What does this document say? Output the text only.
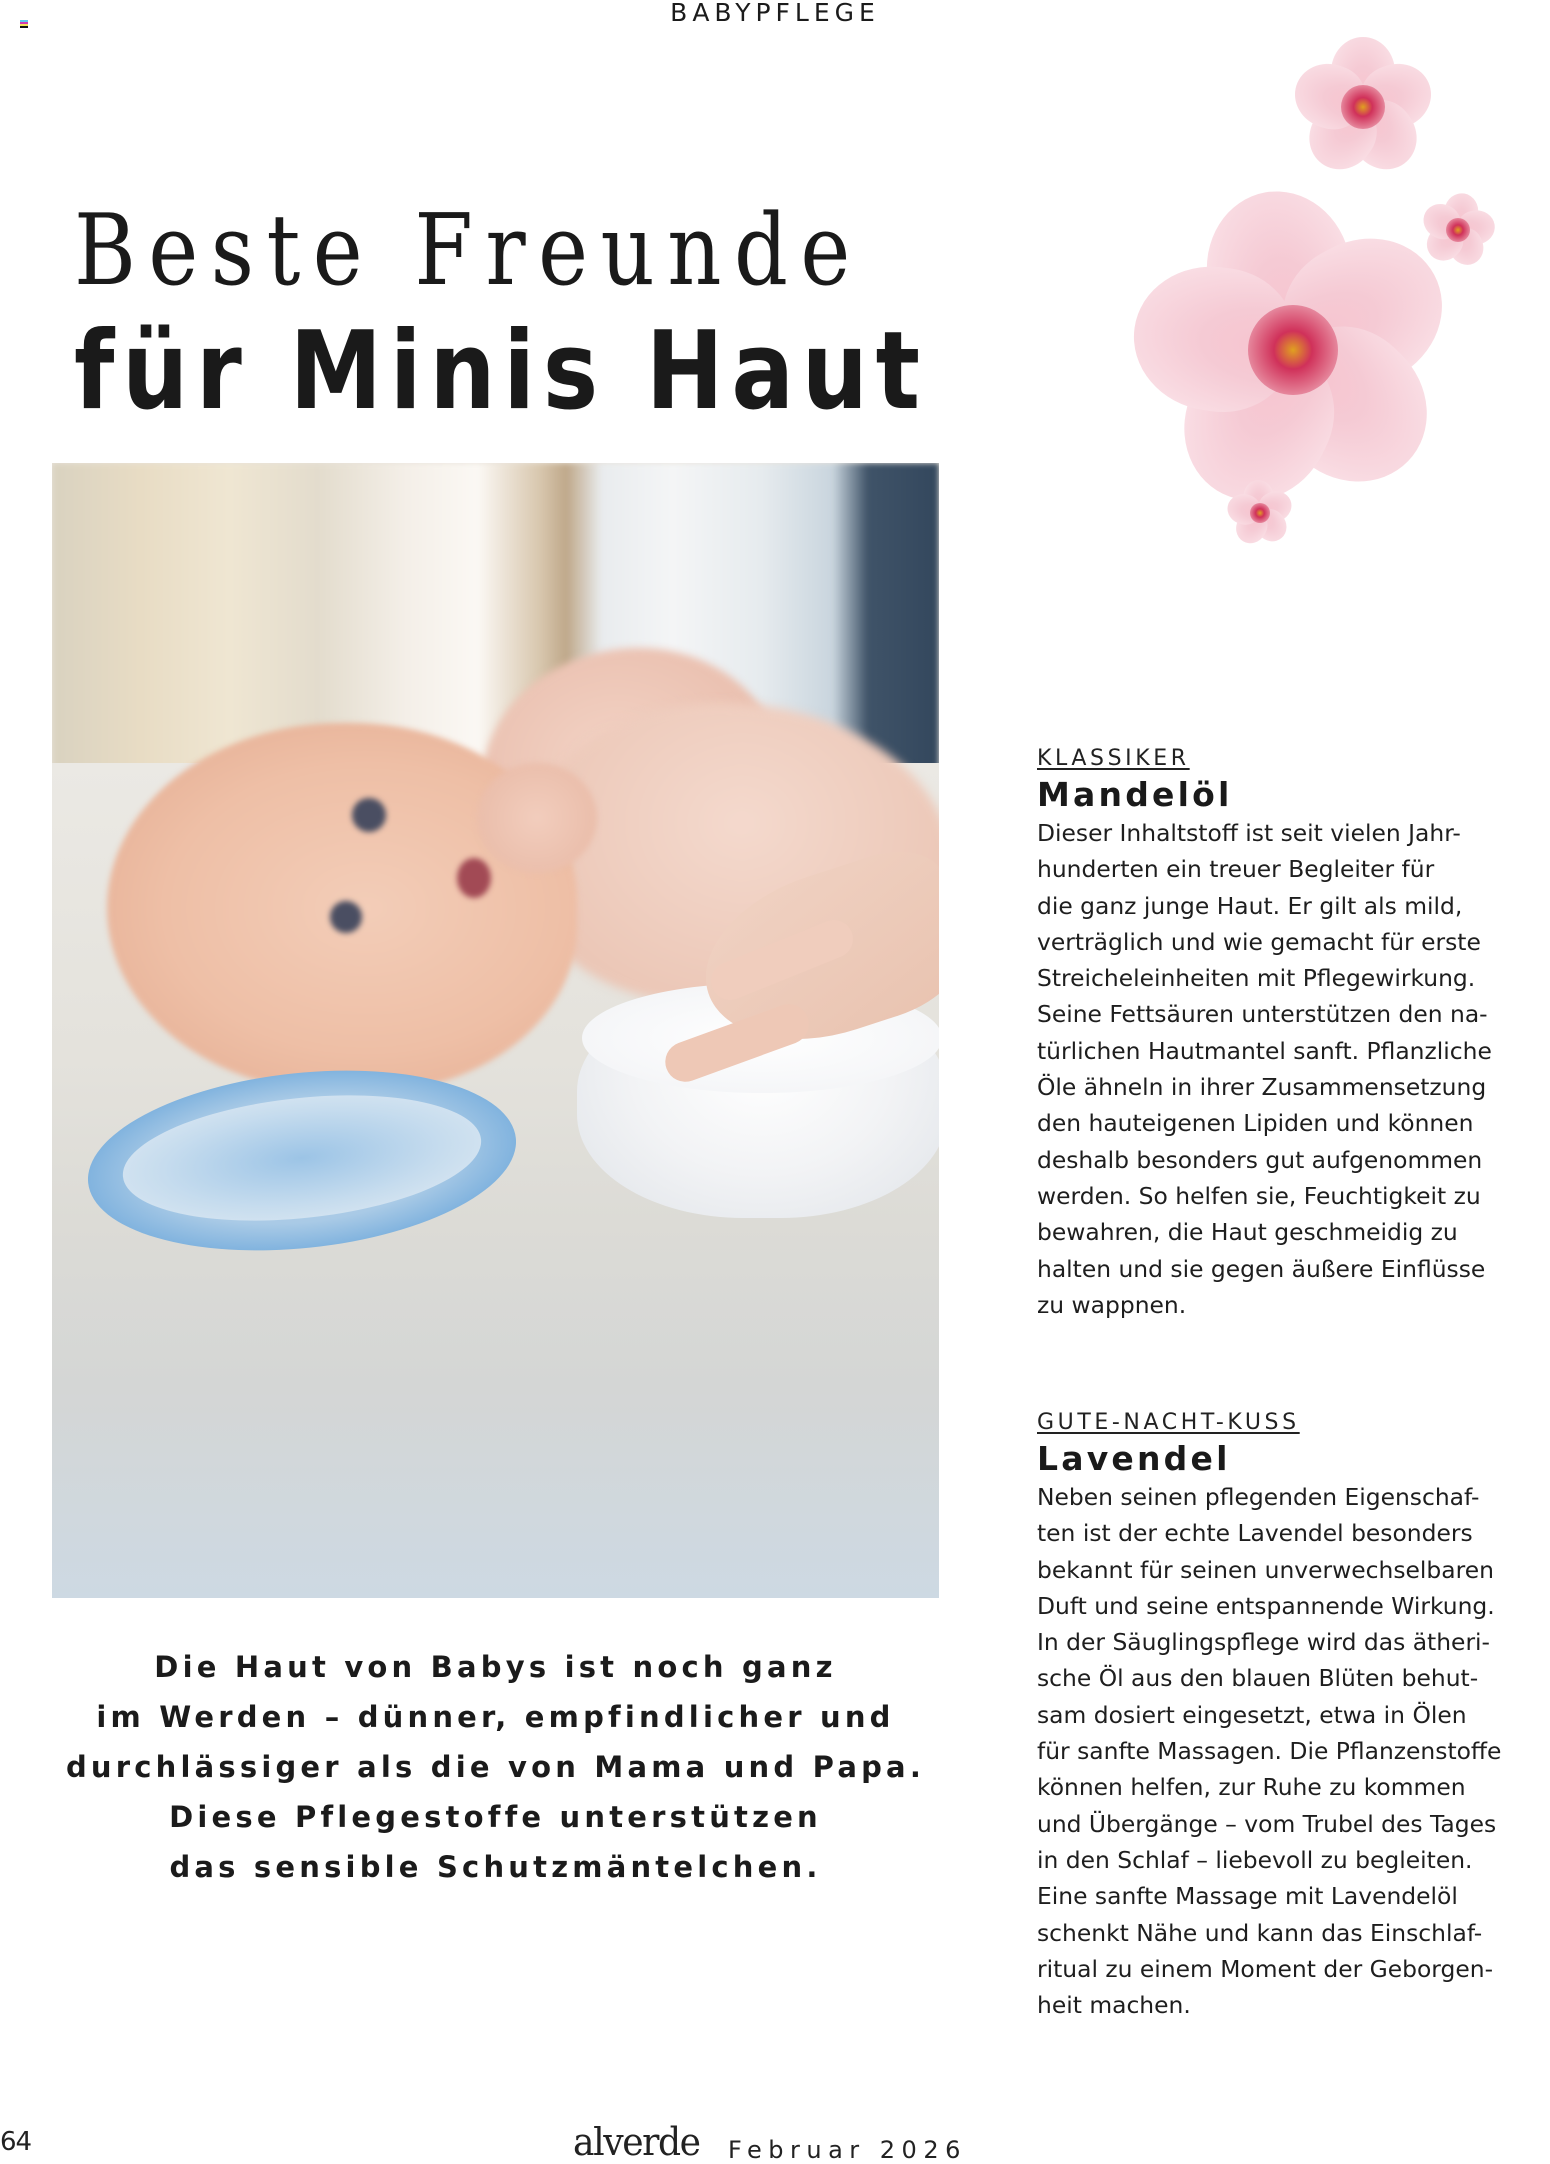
BABYPFLEGE
Beste Freunde
für Minis Haut
Die Haut von Babys ist noch ganz
im Werden – dünner, empfindlicher und
durchlässiger als die von Mama und Papa.
Diese Pflegestoffe unterstützen
das sensible Schutzmäntelchen.
KLASSIKER
Mandelöl
Dieser Inhaltstoff ist seit vielen Jahr-
hunderten ein treuer Begleiter für
die ganz junge Haut. Er gilt als mild,
verträglich und wie gemacht für erste
Streicheleinheiten mit Pflegewirkung.
Seine Fettsäuren unterstützen den na-
türlichen Hautmantel sanft. Pflanzliche
Öle ähneln in ihrer Zusammensetzung
den hauteigenen Lipiden und können
deshalb besonders gut aufgenommen
werden. So helfen sie, Feuchtigkeit zu
bewahren, die Haut geschmeidig zu
halten und sie gegen äußere Einflüsse
zu wappnen.
GUTE-NACHT-KUSS
Lavendel
Neben seinen pflegenden Eigenschaf-
ten ist der echte Lavendel besonders
bekannt für seinen unverwechselbaren
Duft und seine entspannende Wirkung.
In der Säuglingspflege wird das ätheri-
sche Öl aus den blauen Blüten behut-
sam dosiert eingesetzt, etwa in Ölen
für sanfte Massagen. Die Pflanzenstoffe
können helfen, zur Ruhe zu kommen
und Übergänge – vom Trubel des Tages
in den Schlaf – liebevoll zu begleiten.
Eine sanfte Massage mit Lavendelöl
schenkt Nähe und kann das Einschlaf-
ritual zu einem Moment der Geborgen-
heit machen.
64	alverde Februar 2026
